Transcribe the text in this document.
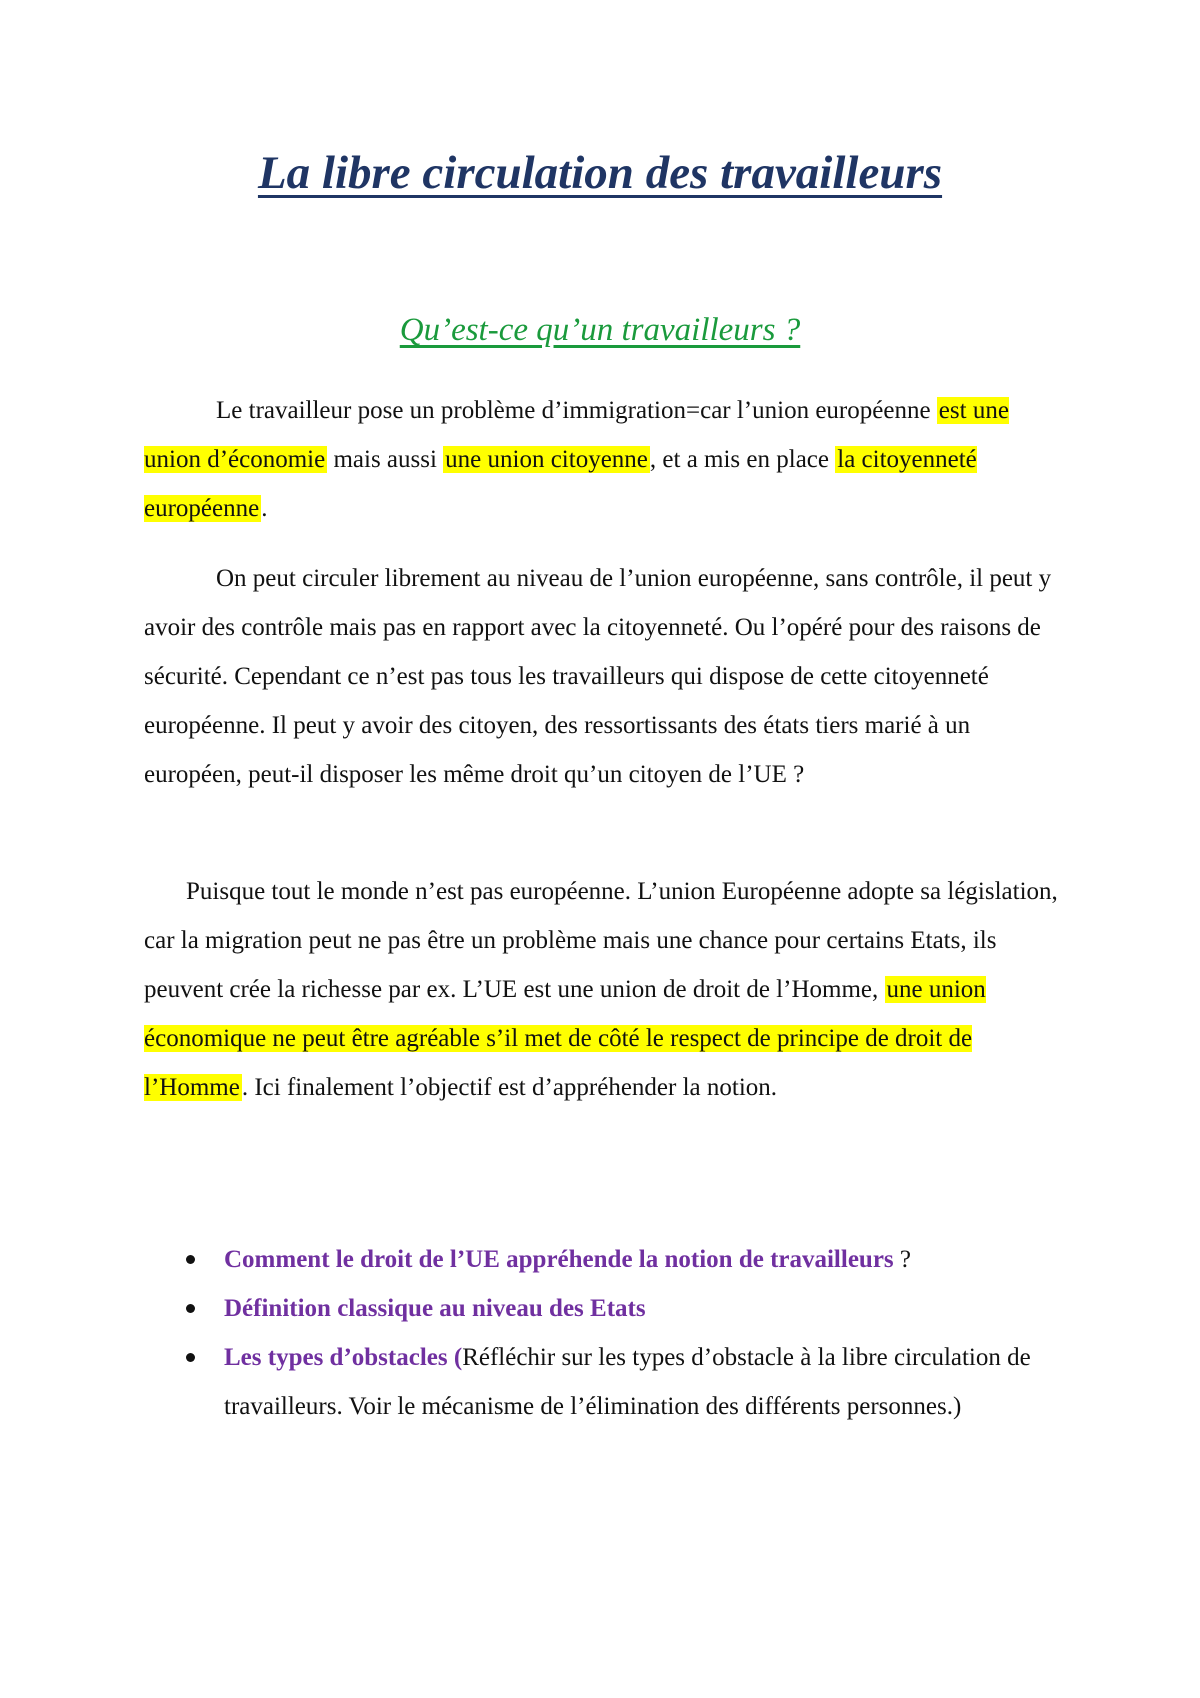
La libre circulation des travailleurs
Qu’est-ce qu’un travailleurs ?

Le travailleur pose un problème d’immigration=car l’union européenne est une union d’économie mais aussi une union citoyenne, et a mis en place la citoyenneté européenne.

On peut circuler librement au niveau de l’union européenne, sans contrôle, il peut y avoir des contrôle mais pas en rapport avec la citoyenneté. Ou l’opéré pour des raisons de sécurité. Cependant ce n’est pas tous les travailleurs qui dispose de cette citoyenneté européenne. Il peut y avoir des citoyen, des ressortissants des états tiers marié à un européen, peut-il disposer les même droit qu’un citoyen de l’UE ?

Puisque tout le monde n’est pas européenne. L’union Européenne adopte sa législation, car la migration peut ne pas être un problème mais une chance pour certains Etats, ils peuvent crée la richesse par ex. L’UE est une union de droit de l’Homme, une union économique ne peut être agréable s’il met de côté le respect de principe de droit de l’Homme. Ici finalement l’objectif est d’appréhender la notion.

Comment le droit de l’UE appréhende la notion de travailleurs ?
Définition classique au niveau des Etats
Les types d’obstacles (Réfléchir sur les types d’obstacle à la libre circulation de travailleurs. Voir le mécanisme de l’élimination des différents personnes.)
